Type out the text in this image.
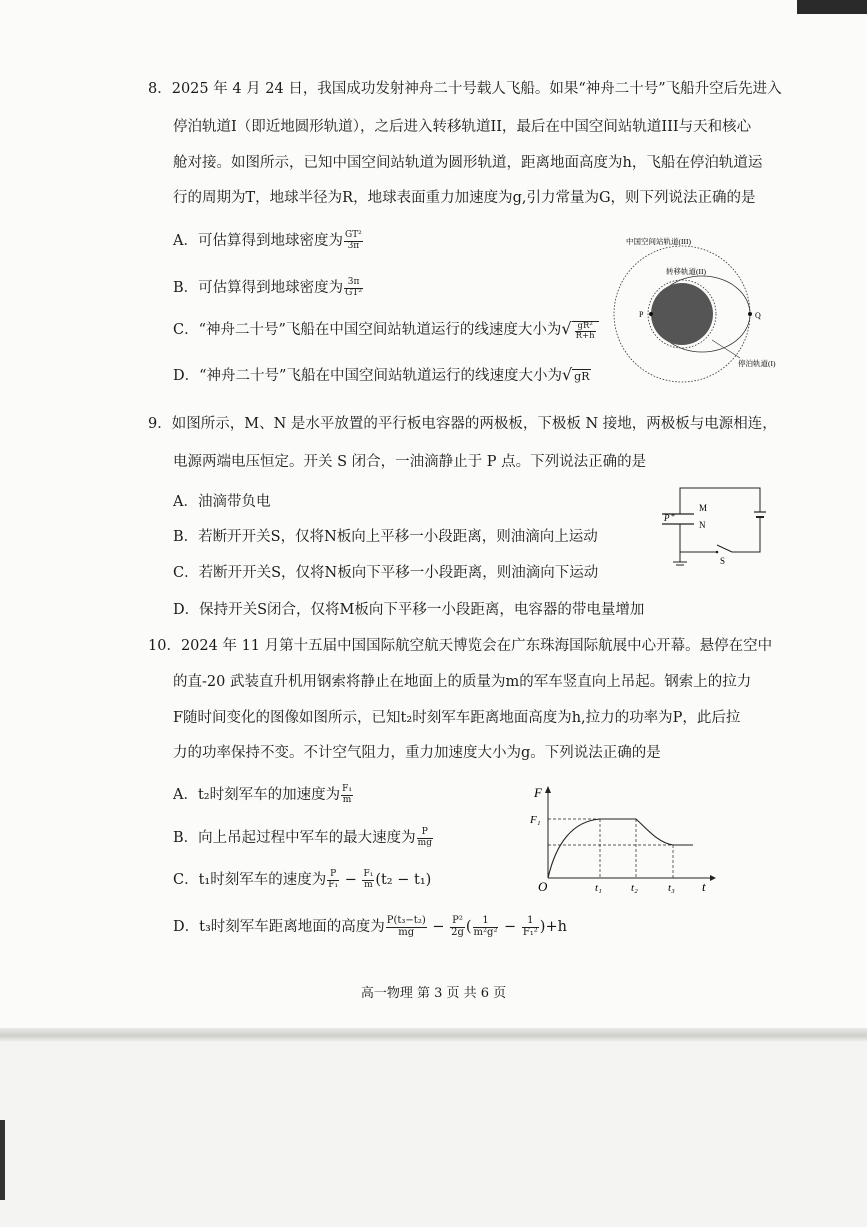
8．2025 年 4 月 24 日，我国成功发射神舟二十号载人飞船。如果“神舟二十号”飞船升空后先进入
停泊轨道I（即近地圆形轨道），之后进入转移轨道II，最后在中国空间站轨道III与天和核心
舱对接。如图所示，已知中国空间站轨道为圆形轨道，距离地面高度为h，飞船在停泊轨道运
行的周期为T，地球半径为R，地球表面重力加速度为g,引力常量为G，则下列说法正确的是
A．可估算得到地球密度为 $\frac{\text{GT²}}{3\pi}$
B．可估算得到地球密度为 $\frac{3\pi}{\text{GT²}}$
C．“神舟二十号”飞船在中国空间站轨道运行的线速度大小为√ $\frac{\text{gR²}}{R+h}$
D．“神舟二十号”飞船在中国空间站轨道运行的线速度大小为√ gR
中国空间站轨道(III)
转移轨道(II)
P	Q
停泊轨道(I)
9．如图所示，M、N 是水平放置的平行板电容器的两极板，下极板 N 接地，两极板与电源相连，
电源两端电压恒定。开关 S 闭合，一油滴静止于 P 点。下列说法正确的是
A．油滴带负电
B．若断开开关S，仅将N板向上平移一小段距离，则油滴向上运动
C．若断开开关S，仅将N板向下平移一小段距离，则油滴向下运动
D．保持开关S闭合，仅将M板向下平移一小段距离，电容器的带电量增加
M
N
P *
S
10．2024 年 11 月第十五届中国国际航空航天博览会在广东珠海国际航展中心开幕。悬停在空中
的直-20 武装直升机用钢索将静止在地面上的质量为m的军车竖直向上吊起。钢索上的拉力
F随时间变化的图像如图所示，已知t₂时刻军车距离地面高度为h,拉力的功率为P，此后拉
力的功率保持不变。不计空气阻力，重力加速度大小为g。下列说法正确的是
A．t₂时刻军车的加速度为 $\frac{\text{F₁}}{m}$
B．向上吊起过程中军车的最大速度为 $\frac{P}{mg}$
C．t₁时刻军车的速度为 $\frac{P}{\text{F₁}} - \frac{\text{F₁}}{m} (t_2 - t_1)$
D．t₃时刻军车距离地面的高度为 $\frac{\text{P(t₃−t₂)}}{mg} - \frac{\text{P²}}{2g}$ ( $\frac{1}{\text{m²g²}} - \frac{1}{\text{F₁²}} )+h$
F
t
O
F₁
t₁	t₂	t₃
高一物理 第 3 页 共 6 页
